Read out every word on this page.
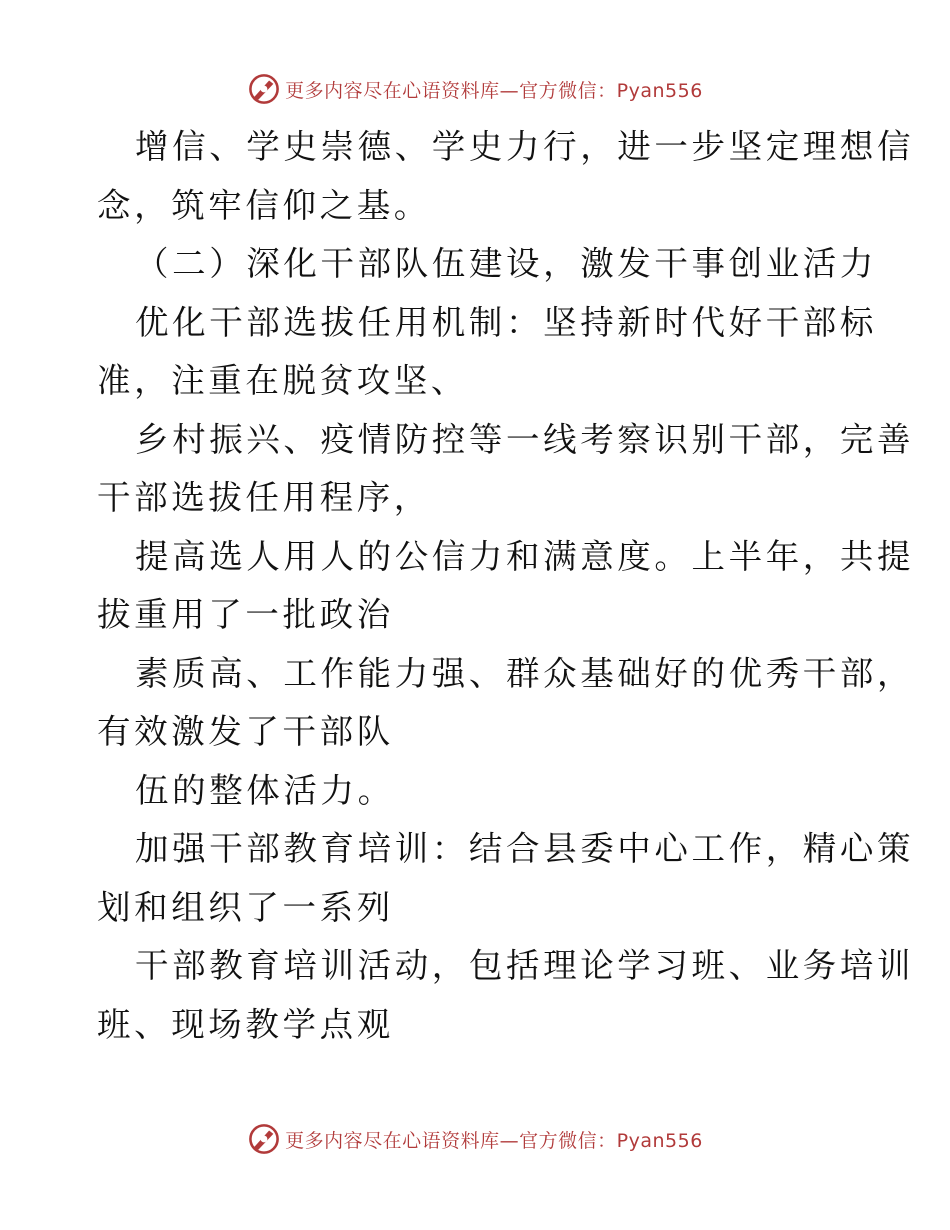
更多内容尽在心语资料库—官方微信：Pyan556
增信、学史崇德、学史力行，进一步坚定理想信
念，筑牢信仰之基。
（二）深化干部队伍建设，激发干事创业活力
优化干部选拔任用机制：坚持新时代好干部标
准，注重在脱贫攻坚、
乡村振兴、疫情防控等一线考察识别干部，完善
干部选拔任用程序，
提高选人用人的公信力和满意度。上半年，共提
拔重用了一批政治
素质高、工作能力强、群众基础好的优秀干部，
有效激发了干部队
伍的整体活力。
加强干部教育培训：结合县委中心工作，精心策
划和组织了一系列
干部教育培训活动，包括理论学习班、业务培训
班、现场教学点观
更多内容尽在心语资料库—官方微信：Pyan556
